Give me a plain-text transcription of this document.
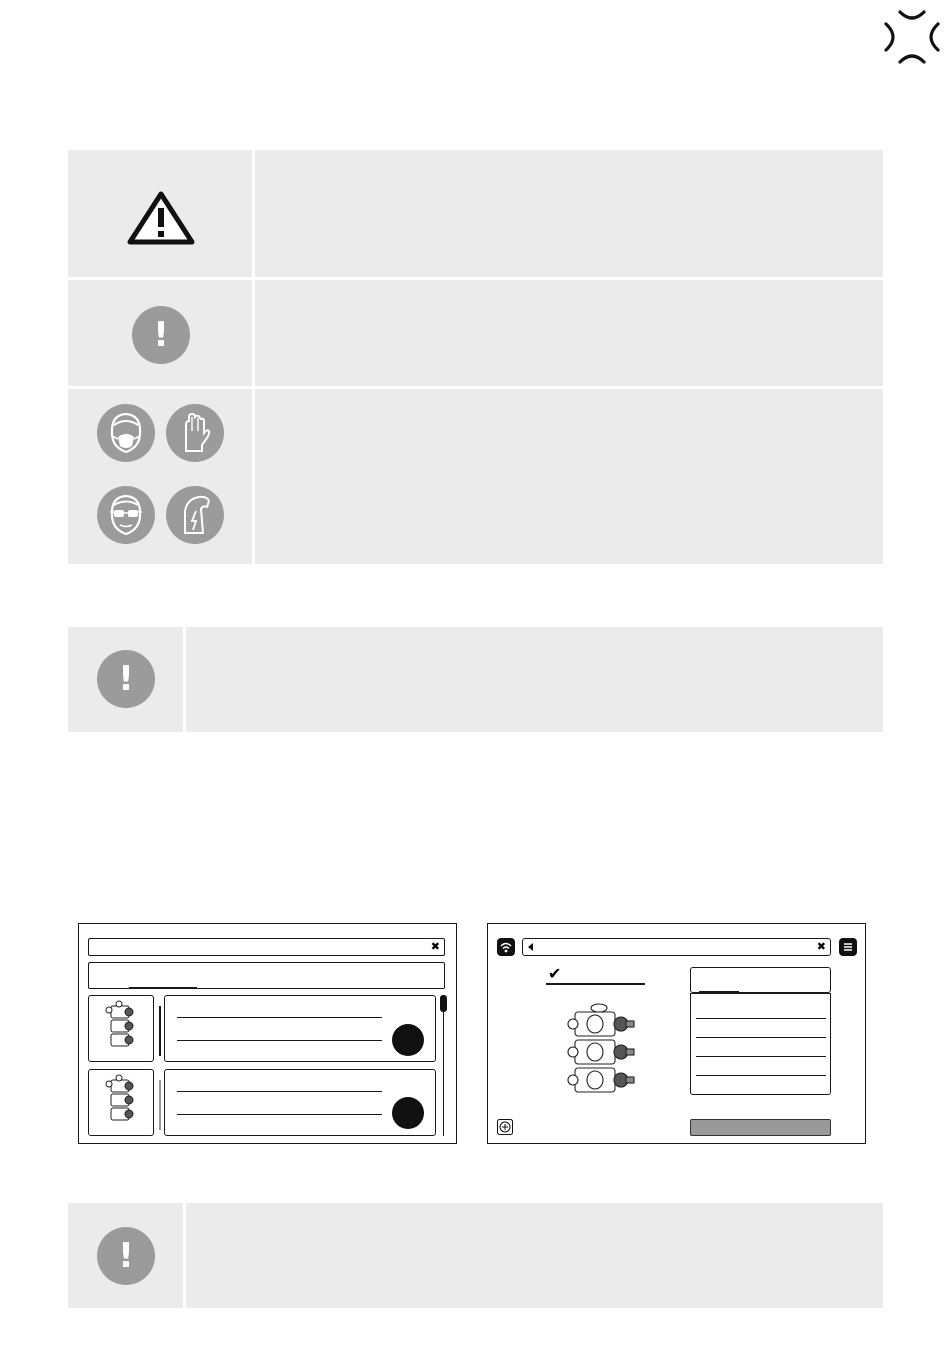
!
!
✖	✖
✔
!
